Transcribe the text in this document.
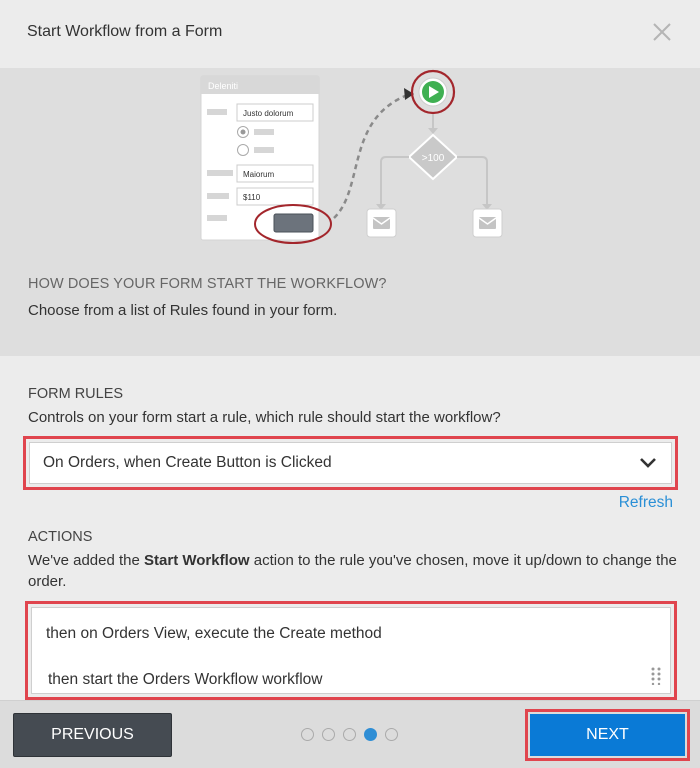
Start Workflow from a Form
Deleniti
Justo dolorum
Maiorum
$110
>100
HOW DOES YOUR FORM START THE WORKFLOW?
Choose from a list of Rules found in your form.
FORM RULES
Controls on your form start a rule, which rule should start the workflow?
On Orders, when Create Button is Clicked
Refresh
ACTIONS
We've added the Start Workflow action to the rule you've chosen, move it up/down to change the order.
then on Orders View, execute the Create method
then start the Orders Workflow workflow
PREVIOUS	NEXT
